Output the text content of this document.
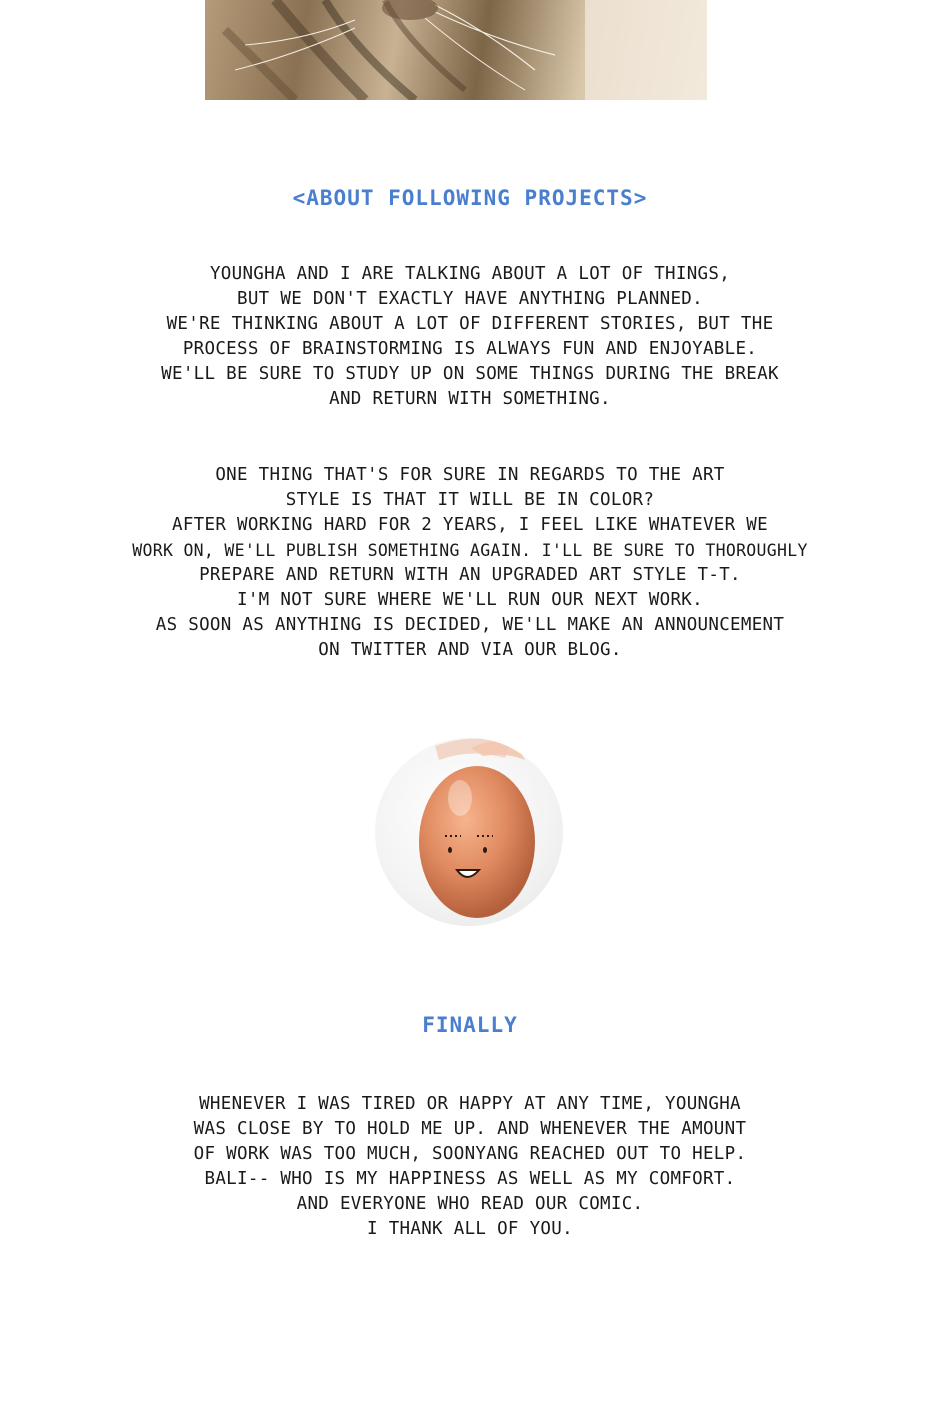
<ABOUT FOLLOWING PROJECTS>
YOUNGHA AND I ARE TALKING ABOUT A LOT OF THINGS,
BUT WE DON'T EXACTLY HAVE ANYTHING PLANNED.
WE'RE THINKING ABOUT A LOT OF DIFFERENT STORIES, BUT THE
PROCESS OF BRAINSTORMING IS ALWAYS FUN AND ENJOYABLE.
WE'LL BE SURE TO STUDY UP ON SOME THINGS DURING THE BREAK
AND RETURN WITH SOMETHING.
ONE THING THAT'S FOR SURE IN REGARDS TO THE ART
STYLE IS THAT IT WILL BE IN COLOR?
AFTER WORKING HARD FOR 2 YEARS, I FEEL LIKE WHATEVER WE
WORK ON, WE'LL PUBLISH SOMETHING AGAIN. I'LL BE SURE TO THOROUGHLY
PREPARE AND RETURN WITH AN UPGRADED ART STYLE T-T.
I'M NOT SURE WHERE WE'LL RUN OUR NEXT WORK.
AS SOON AS ANYTHING IS DECIDED, WE'LL MAKE AN ANNOUNCEMENT
ON TWITTER AND VIA OUR BLOG.
FINALLY
WHENEVER I WAS TIRED OR HAPPY AT ANY TIME, YOUNGHA
WAS CLOSE BY TO HOLD ME UP. AND WHENEVER THE AMOUNT
OF WORK WAS TOO MUCH, SOONYANG REACHED OUT TO HELP.
BALI-- WHO IS MY HAPPINESS AS WELL AS MY COMFORT.
AND EVERYONE WHO READ OUR COMIC.
I THANK ALL OF YOU.
